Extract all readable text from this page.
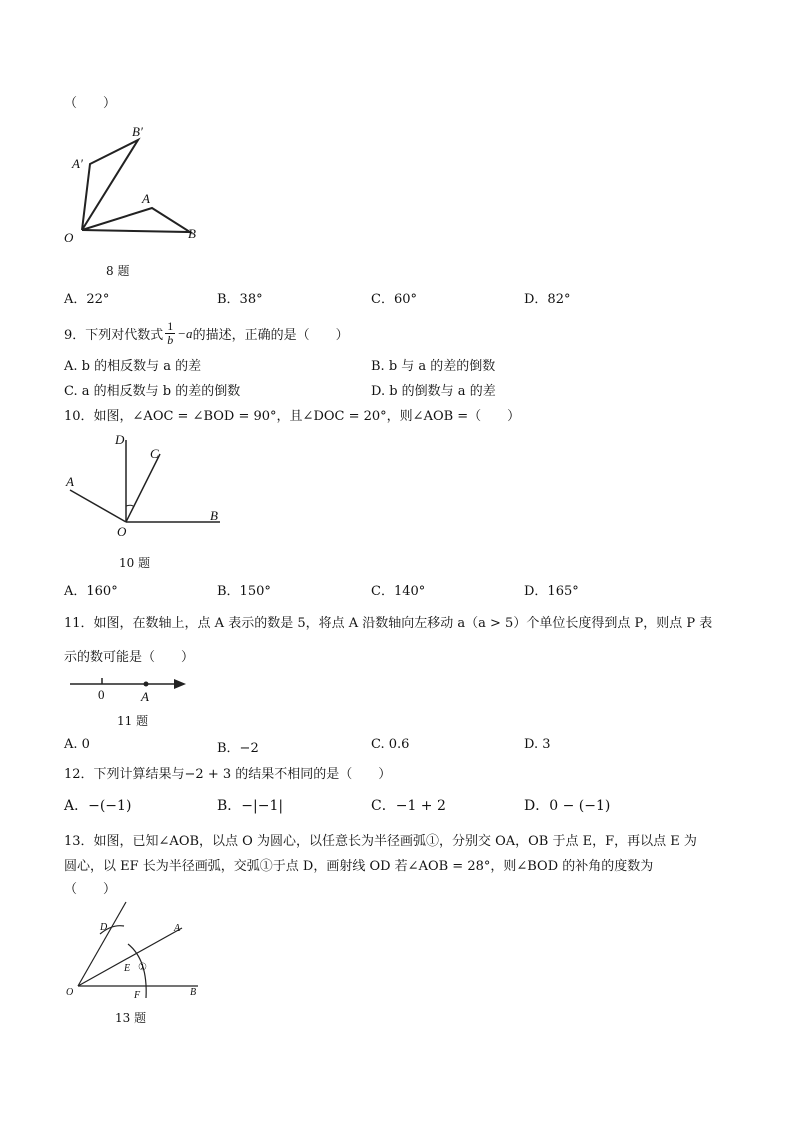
（　　）
O
A
B
A′
B′
8 题
A．22°	B．38°	C．60°	D．82°
9．下列对代数式 $\frac{1}{b} -a$ 的描述，正确的是（　　）
A. b 的相反数与 a 的差	B. b 与 a 的差的倒数
C. a 的相反数与 b 的差的倒数	D. b 的倒数与 a 的差
10．如图，∠AOC = ∠BOD = 90°，且∠DOC = 20°，则∠AOB =（　　）
D
C
A
O
B
10 题
A．160°	B．150°	C．140°	D．165°
11．如图，在数轴上，点 A 表示的数是 5，将点 A 沿数轴向左移动 a（a > 5）个单位长度得到点 P，则点 P 表
示的数可能是（　　）
0	A
11 题
A. 0	B．−2	C. 0.6	D. 3
12．下列计算结果与−2 + 3 的结果不相同的是（　　）
A．−(−1)	B．−|−1|	C．−1 + 2	D．0 − (−1)
13．如图，已知∠AOB，以点 O 为圆心，以任意长为半径画弧①，分别交 OA，OB 于点 E，F，再以点 E 为
圆心，以 EF 长为半径画弧，交弧①于点 D，画射线 OD 若∠AOB = 28°，则∠BOD 的补角的度数为
（　　）
O
D	A
E ①
F	B
13 题
